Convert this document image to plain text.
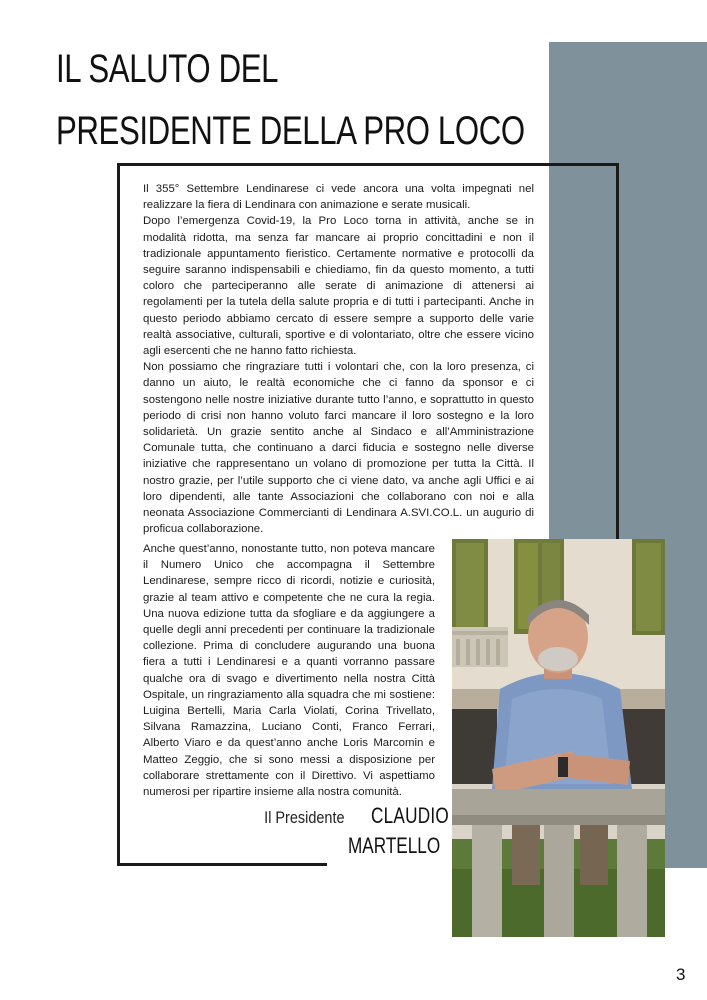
IL SALUTO DEL
PRESIDENTE DELLA PRO LOCO
Il 355° Settembre Lendinarese ci vede ancora una volta impegnati nel realizzare la fiera di Lendinara con animazione e serate musicali.
Dopo l’emergenza Covid-19, la Pro Loco torna in attività, anche se in modalità ridotta, ma senza far mancare ai proprio concittadini e non il tradizionale appuntamento fieristico. Certamente normative e protocolli da seguire saranno indispensabili e chiediamo, fin da questo momento, a tutti coloro che parteciperanno alle serate di animazione di attenersi ai regolamenti per la tutela della salute propria e di tutti i partecipanti. Anche in questo periodo abbiamo cercato di essere sempre a supporto delle varie realtà associative, culturali, sportive e di volontariato, oltre che essere vicino agli esercenti che ne hanno fatto richiesta.
Non possiamo che ringraziare tutti i volontari che, con la loro presenza, ci danno un aiuto, le realtà economiche che ci fanno da sponsor e ci sostengono nelle nostre iniziative durante tutto l’anno, e soprattutto in questo periodo di crisi non hanno voluto farci mancare il loro sostegno e la loro solidarietà. Un grazie sentito anche al Sindaco e all’Amministrazione Comunale tutta, che continuano a darci fiducia e sostegno nelle diverse iniziative che rappresentano un volano di promozione per tutta la Città. Il nostro grazie, per l’utile supporto che ci viene dato, va anche agli Uffici e ai loro dipendenti, alle tante Associazioni che collaborano con noi e alla neonata Associazione Commercianti di Lendinara A.SVI.CO.L. un augurio di proficua collaborazione.
Anche quest’anno, nonostante tutto, non poteva mancare il Numero Unico che accompagna il Settembre Lendinarese, sempre ricco di ricordi, notizie e curiosità, grazie al team attivo e competente che ne cura la regia. Una nuova edizione tutta da sfogliare e da aggiungere a quelle degli anni precedenti per continuare la tradizionale collezione. Prima di concludere augurando una buona fiera a tutti i Lendinaresi e a quanti vorranno passare qualche ora di svago e divertimento nella nostra Città Ospitale, un ringraziamento alla squadra che mi sostiene: Luigina Bertelli, Maria Carla Violati, Corina Trivellato, Silvana Ramazzina, Luciano Conti, Franco Ferrari, Alberto Viaro e da quest’anno anche Loris Marcomin e Matteo Zeggio, che si sono messi a disposizione per collaborare strettamente con il Direttivo. Vi aspettiamo numerosi per ripartire insieme alla nostra comunità.
Il Presidente CLAUDIO
MARTELLO
3
